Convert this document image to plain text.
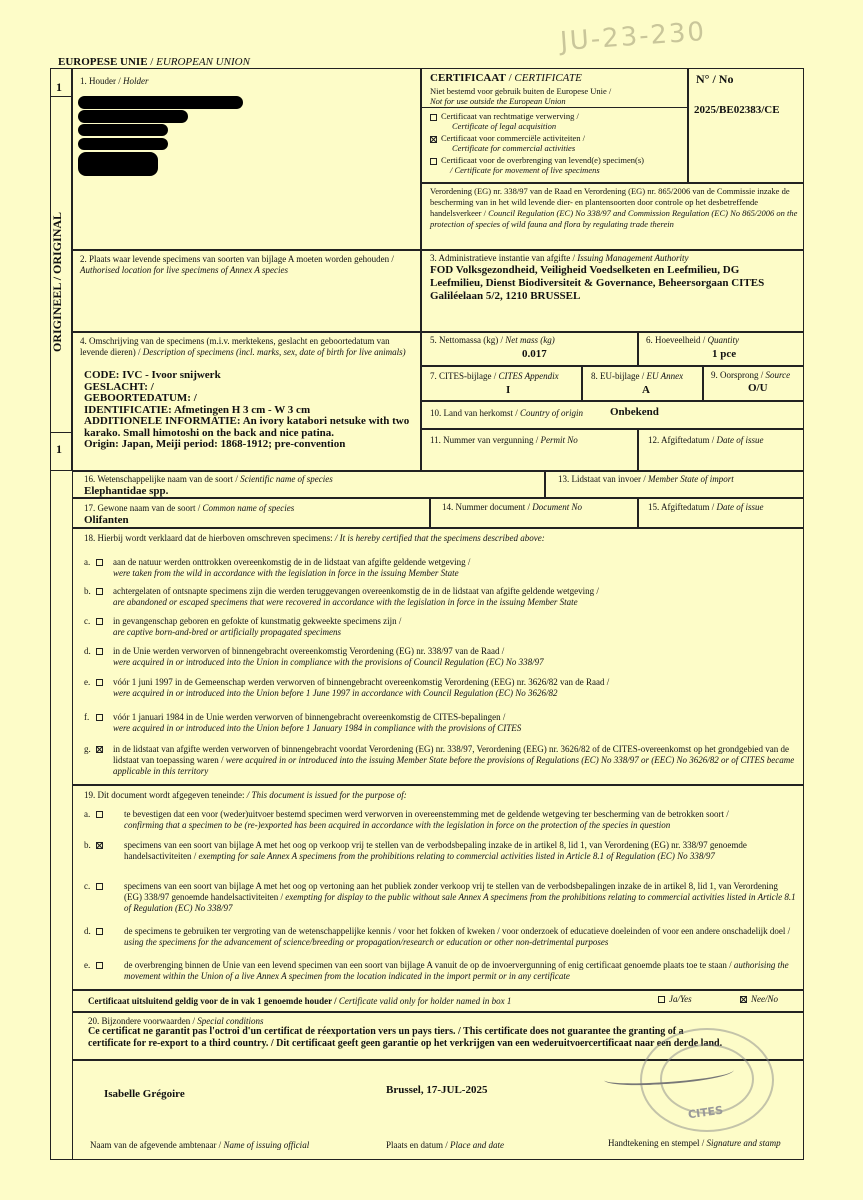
JU-23-230
EUROPESE UNIE / EUROPEAN UNION
1
ORIGINEEL / ORIGINAL
1
1. Houder / Holder	CERTIFICAAT / CERTIFICATE
Niet bestemd voor gebruik buiten de Europese Unie /
Not for use outside the European Union
Certificaat van rechtmatige verwerving /
Certificate of legal acquisition
Certificaat voor commerciële activiteiten /
Certificate for commercial activities
Certificaat voor de overbrenging van levend(e) specimen(s)
/ Certificate for movement of live specimens
N° / No
2025/BE02383/CE
Verordening (EG) nr. 338/97 van de Raad en Verordening (EG) nr. 865/2006 van de Commissie inzake de bescherming van in het wild levende dier- en plantensoorten door controle op het desbetreffende handelsverkeer / Council Regulation (EC) No 338/97 and Commission Regulation (EC) No 865/2006 on the protection of species of wild fauna and flora by regulating trade therein
2. Plaats waar levende specimens van soorten van bijlage A moeten worden gehouden / Authorised location for live specimens of Annex A species
3. Administratieve instantie van afgifte / Issuing Management Authority
FOD Volksgezondheid, Veiligheid Voedselketen en Leefmilieu, DG
Leefmilieu, Dienst Biodiversiteit & Governance, Beheersorgaan CITES
Galiléelaan 5/2, 1210 BRUSSEL
4. Omschrijving van de specimens (m.i.v. merktekens, geslacht en geboortedatum van levende dieren) / Description of specimens (incl. marks, sex, date of birth for live animals)
CODE: IVC - Ivoor snijwerk
GESLACHT: /
GEBOORTEDATUM: /
IDENTIFICATIE: Afmetingen H 3 cm - W 3 cm
ADDITIONELE INFORMATIE: An ivory katabori netsuke with two
karako. Small himotoshi on the back and nice patina.
Origin: Japan, Meiji period: 1868-1912; pre-convention
5. Nettomassa (kg) / Net mass (kg)
0.017
6. Hoeveelheid / Quantity
1 pce
7. CITES-bijlage / CITES Appendix
I
8. EU-bijlage / EU Annex
A
9. Oorsprong / Source
O/U
10. Land van herkomst / Country of origin Onbekend
11. Nummer van vergunning / Permit No	12. Afgiftedatum / Date of issue
16. Wetenschappelijke naam van de soort / Scientific name of species
Elephantidae spp.
13. Lidstaat van invoer / Member State of import
17. Gewone naam van de soort / Common name of species
Olifanten
14. Nummer document / Document No	15. Afgiftedatum / Date of issue
18. Hierbij wordt verklaard dat de hierboven omschreven specimens: / It is hereby certified that the specimens described above:
a.	aan de natuur werden onttrokken overeenkomstig de in de lidstaat van afgifte geldende wetgeving /
were taken from the wild in accordance with the legislation in force in the issuing Member State
b. achtergelaten of ontsnapte specimens zijn die werden teruggevangen overeenkomstig de in de lidstaat van afgifte geldende wetgeving /
are abandoned or escaped specimens that were recovered in accordance with the legislation in force in the issuing Member State
c.	in gevangenschap geboren en gefokte of kunstmatig gekweekte specimens zijn /
are captive born-and-bred or artificially propagated specimens
d. in de Unie werden verworven of binnengebracht overeenkomstig Verordening (EG) nr. 338/97 van de Raad /
were acquired in or introduced into the Union in compliance with the provisions of Council Regulation (EC) No 338/97
e.	vóór 1 juni 1997 in de Gemeenschap werden verworven of binnengebracht overeenkomstig Verordening (EEG) nr. 3626/82 van de Raad /
were acquired in or introduced into the Union before 1 June 1997 in accordance with Council Regulation (EC) No 3626/82
f.	vóór 1 januari 1984 in de Unie werden verworven of binnengebracht overeenkomstig de CITES-bepalingen /
were acquired in or introduced into the Union before 1 January 1984 in compliance with the provisions of CITES
g. in de lidstaat van afgifte werden verworven of binnengebracht voordat Verordening (EG) nr. 338/97, Verordening (EEG) nr. 3626/82 of de CITES-overeenkomst op het grondgebied van de lidstaat van toepassing waren / were acquired in or introduced into the issuing Member State before the provisions of Regulations (EC) No 338/97 or (EEC) No 3626/82 or of CITES became applicable in this territory
19. Dit document wordt afgegeven teneinde: / This document is issued for the purpose of:
a.	te bevestigen dat een voor (weder)uitvoer bestemd specimen werd verworven in overeenstemming met de geldende wetgeving ter bescherming van de betrokken soort /
confirming that a specimen to be (re-)exported has been acquired in accordance with the legislation in force on the protection of the species in question
b.	specimens van een soort van bijlage A met het oog op verkoop vrij te stellen van de verbodsbepaling inzake de in artikel 8, lid 1, van Verordening (EG) nr. 338/97 genoemde handelsactiviteiten / exempting for sale Annex A specimens from the prohibitions relating to commercial activities listed in Article 8.1 of Regulation (EC) No 338/97
c.	specimens van een soort van bijlage A met het oog op vertoning aan het publiek zonder verkoop vrij te stellen van de verbodsbepalingen inzake de in artikel 8, lid 1, van Verordening (EG) 338/97 genoemde handelsactiviteiten / exempting for display to the public without sale Annex A specimens from the prohibitions relating to commercial activities listed in Article 8.1 of Regulation (EC) No 338/97
d.	de specimens te gebruiken ter vergroting van de wetenschappelijke kennis / voor het fokken of kweken / voor onderzoek of educatieve doeleinden of voor een andere onschadelijk doel / using the specimens for the advancement of science/breeding or propagation/research or education or other non-detrimental purposes
e.	de overbrenging binnen de Unie van een levend specimen van een soort van bijlage A vanuit de op de invoervergunning of enig certificaat genoemde plaats toe te staan / authorising the movement within the Union of a live Annex A specimen from the location indicated in the import permit or in any certificate
Certificaat uitsluitend geldig voor de in vak 1 genoemde houder / Certificate valid only for holder named in box 1	Ja/Yes	Nee/No
20. Bijzondere voorwaarden / Special conditions
Ce certificat ne garantit pas l'octroi d'un certificat de réexportation vers un pays tiers. / This certificate does not guarantee the granting of a
certificate for re-export to a third country. / Dit certificaat geeft geen garantie op het verkrijgen van een wederuitvoercertificaat naar een derde land.
Isabelle Grégoire	Brussel, 17-JUL-2025
CITES
Naam van de afgevende ambtenaar / Name of issuing official	Plaats en datum / Place and date	Handtekening en stempel / Signature and stamp
